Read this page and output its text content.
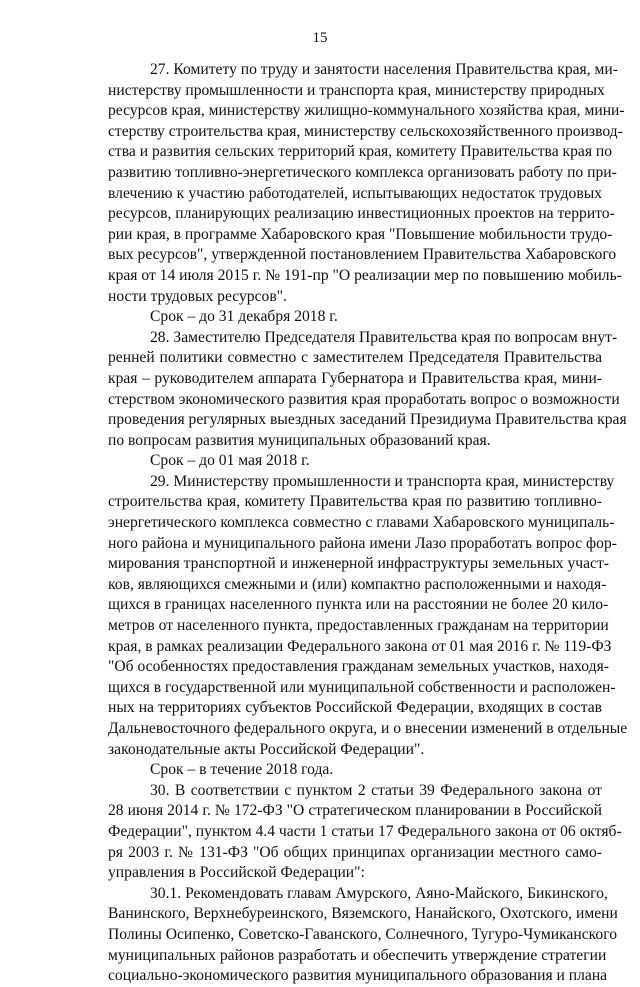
15
27. Комитету по труду и занятости населения Правительства края, ми-
нистерству промышленности и транспорта края, министерству природных
ресурсов края, министерству жилищно-коммунального хозяйства края, мини-
стерству строительства края, министерству сельскохозяйственного производ-
ства и развития сельских территорий края, комитету Правительства края по
развитию топливно-энергетического комплекса организовать работу по при-
влечению к участию работодателей, испытывающих недостаток трудовых
ресурсов, планирующих реализацию инвестиционных проектов на террито-
рии края, в программе Хабаровского края "Повышение мобильности трудо-
вых ресурсов", утвержденной постановлением Правительства Хабаровского
края от 14 июля 2015 г. № 191-пр "О реализации мер по повышению мобиль-
ности трудовых ресурсов".
Срок – до 31 декабря 2018 г.
28. Заместителю Председателя Правительства края по вопросам внут-
ренней политики совместно с заместителем Председателя Правительства
края – руководителем аппарата Губернатора и Правительства края, мини-
стерством экономического развития края проработать вопрос о возможности
проведения регулярных выездных заседаний Президиума Правительства края
по вопросам развития муниципальных образований края.
Срок – до 01 мая 2018 г.
29. Министерству промышленности и транспорта края, министерству
строительства края, комитету Правительства края по развитию топливно-
энергетического комплекса совместно с главами Хабаровского муниципаль-
ного района и муниципального района имени Лазо проработать вопрос фор-
мирования транспортной и инженерной инфраструктуры земельных участ-
ков, являющихся смежными и (или) компактно расположенными и находя-
щихся в границах населенного пункта или на расстоянии не более 20 кило-
метров от населенного пункта, предоставленных гражданам на территории
края, в рамках реализации Федерального закона от 01 мая 2016 г. № 119-ФЗ
"Об особенностях предоставления гражданам земельных участков, находя-
щихся в государственной или муниципальной собственности и расположен-
ных на территориях субъектов Российской Федерации, входящих в состав
Дальневосточного федерального округа, и о внесении изменений в отдельные
законодательные акты Российской Федерации".
Срок – в течение 2018 года.
30. В соответствии с пунктом 2 статьи 39 Федерального закона от
28 июня 2014 г. № 172-ФЗ "О стратегическом планировании в Российской
Федерации", пунктом 4.4 части 1 статьи 17 Федерального закона от 06 октяб-
ря 2003 г. № 131-ФЗ "Об общих принципах организации местного само-
управления в Российской Федерации":
30.1. Рекомендовать главам Амурского, Аяно-Майского, Бикинского,
Ванинского, Верхнебуреинского, Вяземского, Нанайского, Охотского, имени
Полины Осипенко, Советско-Гаванского, Солнечного, Тугуро-Чумиканского
муниципальных районов разработать и обеспечить утверждение стратегии
социально-экономического развития муниципального образования и плана
